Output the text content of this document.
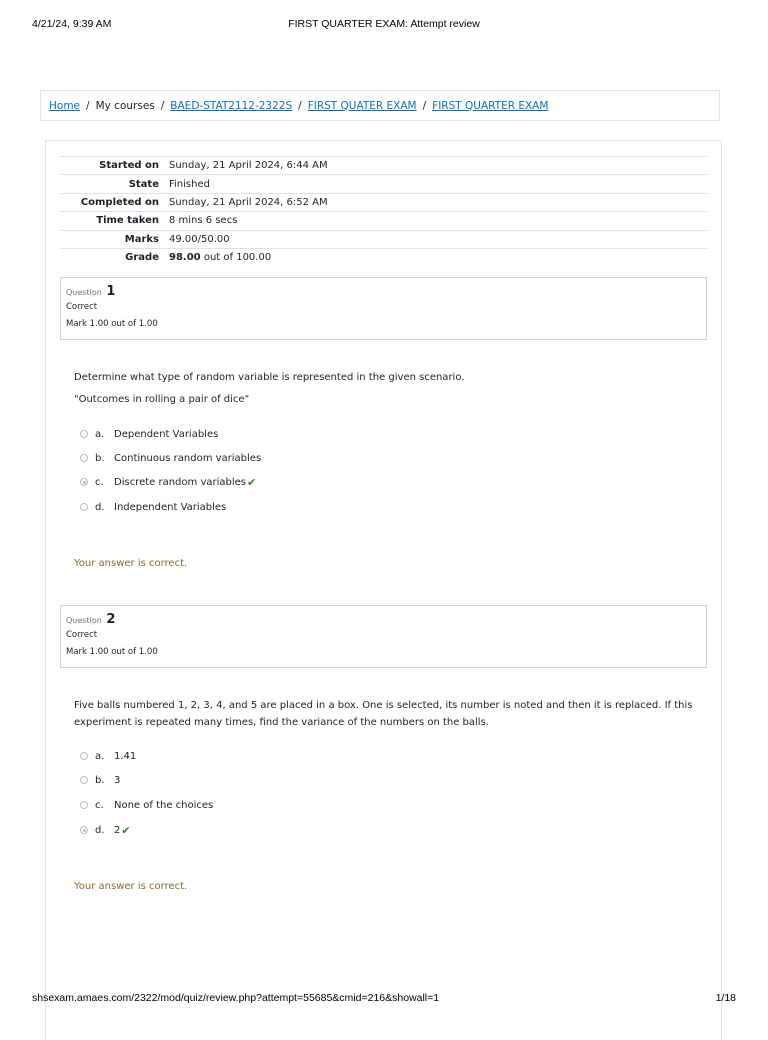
4/21/24, 9:39 AM	FIRST QUARTER EXAM: Attempt review
Home / My courses / BAED-STAT2112-2322S / FIRST QUATER EXAM / FIRST QUARTER EXAM
Started on	Sunday, 21 April 2024, 6:44 AM
State	Finished
Completed on	Sunday, 21 April 2024, 6:52 AM
Time taken	8 mins 6 secs
Marks	49.00/50.00
Grade	98.00 out of 100.00
Question 1
Correct
Mark 1.00 out of 1.00
Determine what type of random variable is represented in the given scenario.
"Outcomes in rolling a pair of dice"
a. Dependent Variables
b. Continuous random variables
c.	Discrete random variables ✔
d. Independent Variables
Your answer is correct.
Question 2
Correct
Mark 1.00 out of 1.00
Five balls numbered 1, 2, 3, 4, and 5 are placed in a box. One is selected, its number is noted and then it is replaced. If this experiment is repeated many times, find the variance of the numbers on the balls.
a. 1.41
b. 3
c.	None of the choices
d. 2 ✔
Your answer is correct.
shsexam.amaes.com/2322/mod/quiz/review.php?attempt=55685&cmid=216&showall=1	1/18
